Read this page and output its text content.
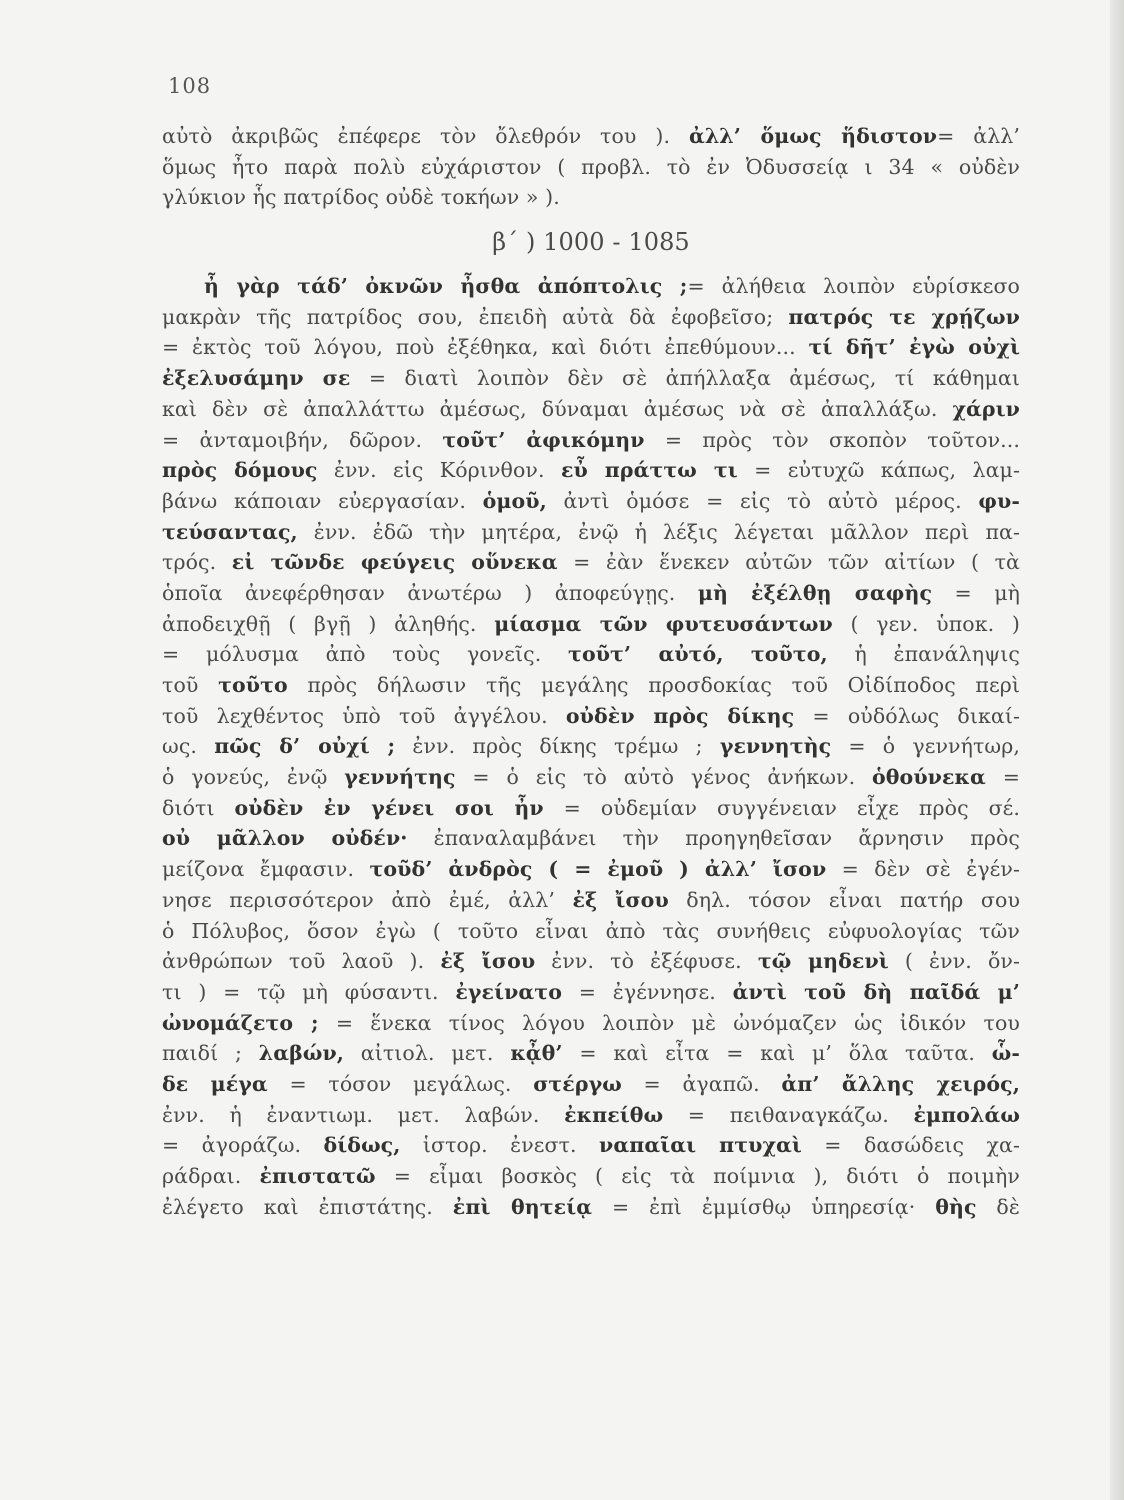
108
αὐτὸ ἀκριβῶς ἐπέφερε τὸν ὄλεθρόν του ). ἀλλ’ ὅμως ἥδιστον= ἀλλ’
ὅμως ἦτο παρὰ πολὺ εὐχάριστον ( προβλ. τὸ ἐν Ὀδυσσείᾳ ι 34 « οὐδὲν
γλύκιον ἧς πατρίδος οὐδὲ τοκήων » ).
β΄ ) 1000 - 1085
ἦ γὰρ τάδ’ ὀκνῶν ἦσθα ἀπόπτολις ;= ἀλήθεια λοιπὸν εὑρίσκεσο
μακρὰν τῆς πατρίδος σου, ἐπειδὴ αὐτὰ δὰ ἐφοβεῖσο; πατρός τε χρῄζων
= ἐκτὸς τοῦ λόγου, ποὺ ἐξέθηκα, καὶ διότι ἐπεθύμουν... τί δῆτ’ ἐγὼ οὐχὶ
ἐξελυσάμην σε = διατὶ λοιπὸν δὲν σὲ ἀπήλλαξα ἀμέσως, τί κάθημαι
καὶ δὲν σὲ ἀπαλλάττω ἀμέσως, δύναμαι ἀμέσως νὰ σὲ ἀπαλλάξω. χάριν
= ἀνταμοιβήν, δῶρον. τοῦτ’ ἀφικόμην = πρὸς τὸν σκοπὸν τοῦτον...
πρὸς δόμους ἐνν. εἰς Κόρινθον. εὖ πράττω τι = εὐτυχῶ κάπως, λαμ-
βάνω κάποιαν εὐεργασίαν. ὁμοῦ, ἀντὶ ὁμόσε = εἰς τὸ αὐτὸ μέρος. φυ-
τεύσαντας, ἐνν. ἐδῶ τὴν μητέρα, ἐνῷ ἡ λέξις λέγεται μᾶλλον περὶ πα-
τρός. εἰ τῶνδε φεύγεις οὕνεκα = ἐὰν ἕνεκεν αὐτῶν τῶν αἰτίων ( τὰ
ὁποῖα ἀνεφέρθησαν ἀνωτέρω ) ἀποφεύγῃς. μὴ ἐξέλθῃ σαφὴς = μὴ
ἀποδειχθῇ ( βγῇ ) ἀληθής. μίασμα τῶν φυτευσάντων ( γεν. ὑποκ. )
= μόλυσμα ἀπὸ τοὺς γονεῖς. τοῦτ’ αὐτό, τοῦτο, ἡ ἐπανάληψις
τοῦ τοῦτο πρὸς δήλωσιν τῆς μεγάλης προσδοκίας τοῦ Οἰδίποδος περὶ
τοῦ λεχθέντος ὑπὸ τοῦ ἀγγέλου. οὐδὲν πρὸς δίκης = οὐδόλως δικαί-
ως. πῶς δ’ οὐχί ; ἐνν. πρὸς δίκης τρέμω ; γεννητὴς = ὁ γεννήτωρ,
ὁ γονεύς, ἐνῷ γεννήτης = ὁ εἰς τὸ αὐτὸ γένος ἀνήκων. ὁθούνεκα =
διότι οὐδὲν ἐν γένει σοι ἦν = οὐδεμίαν συγγένειαν εἶχε πρὸς σέ.
οὐ μᾶλλον οὐδέν· ἐπαναλαμβάνει τὴν προηγηθεῖσαν ἄρνησιν πρὸς
μείζονα ἔμφασιν. τοῦδ’ ἀνδρὸς ( = ἐμοῦ ) ἀλλ’ ἴσον = δὲν σὲ ἐγέν-
νησε περισσότερον ἀπὸ ἐμέ, ἀλλ’ ἐξ ἴσου δηλ. τόσον εἶναι πατήρ σου
ὁ Πόλυβος, ὅσον ἐγὼ ( τοῦτο εἶναι ἀπὸ τὰς συνήθεις εὐφυολογίας τῶν
ἀνθρώπων τοῦ λαοῦ ). ἐξ ἴσου ἐνν. τὸ ἐξέφυσε. τῷ μηδενὶ ( ἐνν. ὄν-
τι ) = τῷ μὴ φύσαντι. ἐγείνατο = ἐγέννησε. ἀντὶ τοῦ δὴ παῖδά μ’
ὠνομάζετο ; = ἕνεκα τίνος λόγου λοιπὸν μὲ ὠνόμαζεν ὡς ἰδικόν του
παιδί ; λαβών, αἰτιολ. μετ. κᾆθ’ = καὶ εἶτα = καὶ μ’ ὅλα ταῦτα. ὧ-
δε μέγα = τόσον μεγάλως. στέργω = ἀγαπῶ. ἀπ’ ἄλλης χειρός,
ἐνν. ἡ ἐναντιωμ. μετ. λαβών. ἐκπείθω = πειθαναγκάζω. ἐμπολάω
= ἀγοράζω. δίδως, ἱστορ. ἐνεστ. ναπαῖαι πτυχαὶ = δασώδεις χα-
ράδραι. ἐπιστατῶ = εἶμαι βοσκὸς ( εἰς τὰ ποίμνια ), διότι ὁ ποιμὴν
ἐλέγετο καὶ ἐπιστάτης. ἐπὶ θητείᾳ = ἐπὶ ἐμμίσθῳ ὑπηρεσίᾳ· θὴς δὲ
